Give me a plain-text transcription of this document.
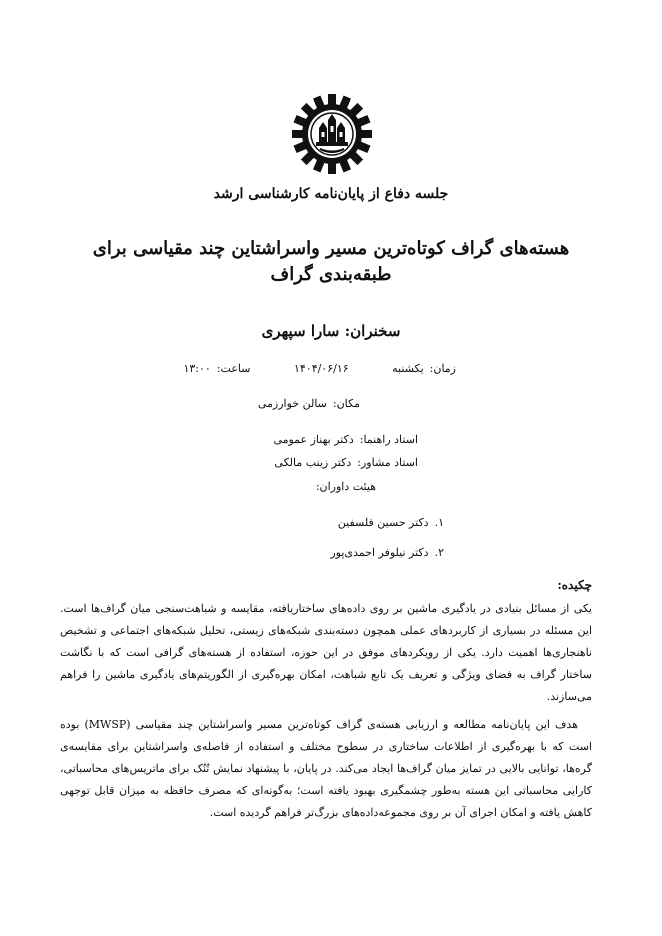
جلسه دفاع از پایان‌نامه کارشناسی ارشد
هسته‌های گراف کوتاه‌ترین مسیر واسراشتاین چند مقیاسی برای طبقه‌بندی گراف
سخنران:سارا سپهری
زمان:یکشنبه ۱۴۰۴/۰۶/۱۶ ساعت:۱۳:۰۰
مکان:سالن خوارزمی
استاد راهنما:دکتر بهناز عمومی
استاد مشاور:دکتر زینب مالکی
هیئت داوران:
۱.دکتر حسین فلسفین
۲.دکتر نیلوفر احمدی‌پور
چکیده:
یکی از مسائل بنیادی در یادگیری ماشین بر روی داده‌های ساختاریافته، مقایسه و شباهت‌سنجی میان گراف‌ها است. این مسئله در بسیاری از کاربردهای عملی همچون دسته‌بندی شبکه‌های زیستی، تحلیل شبکه‌های اجتماعی و تشخیص ناهنجاری‌ها اهمیت دارد. یکی از رویکردهای موفق در این حوزه، استفاده از هسته‌های گرافی است که با نگاشت ساختار گراف به فضای ویژگی و تعریف یک تابع شباهت، امکان بهره‌گیری از الگوریتم‌های یادگیری ماشین را فراهم می‌سازند.
هدف این پایان‌نامه مطالعه و ارزیابی هسته‌ی گراف کوتاه‌ترین مسیر واسراشتاین چند مقیاسی (MWSP) بوده است که با بهره‌گیری از اطلاعات ساختاری در سطوح مختلف و استفاده از فاصله‌ی واسراشتاین برای مقایسه‌ی گره‌ها، توانایی بالایی در تمایز میان گراف‌ها ایجاد می‌کند. در پایان، با پیشنهاد نمایش تُنُک برای ماتریس‌های محاسباتی، کارایی محاسباتی این هسته به‌طور چشمگیری بهبود یافته است؛ به‌گونه‌ای که مصرف حافظه به میزان قابل توجهی کاهش یافته و امکان اجرای آن بر روی مجموعه‌داده‌های بزرگ‌تر فراهم گردیده است.
